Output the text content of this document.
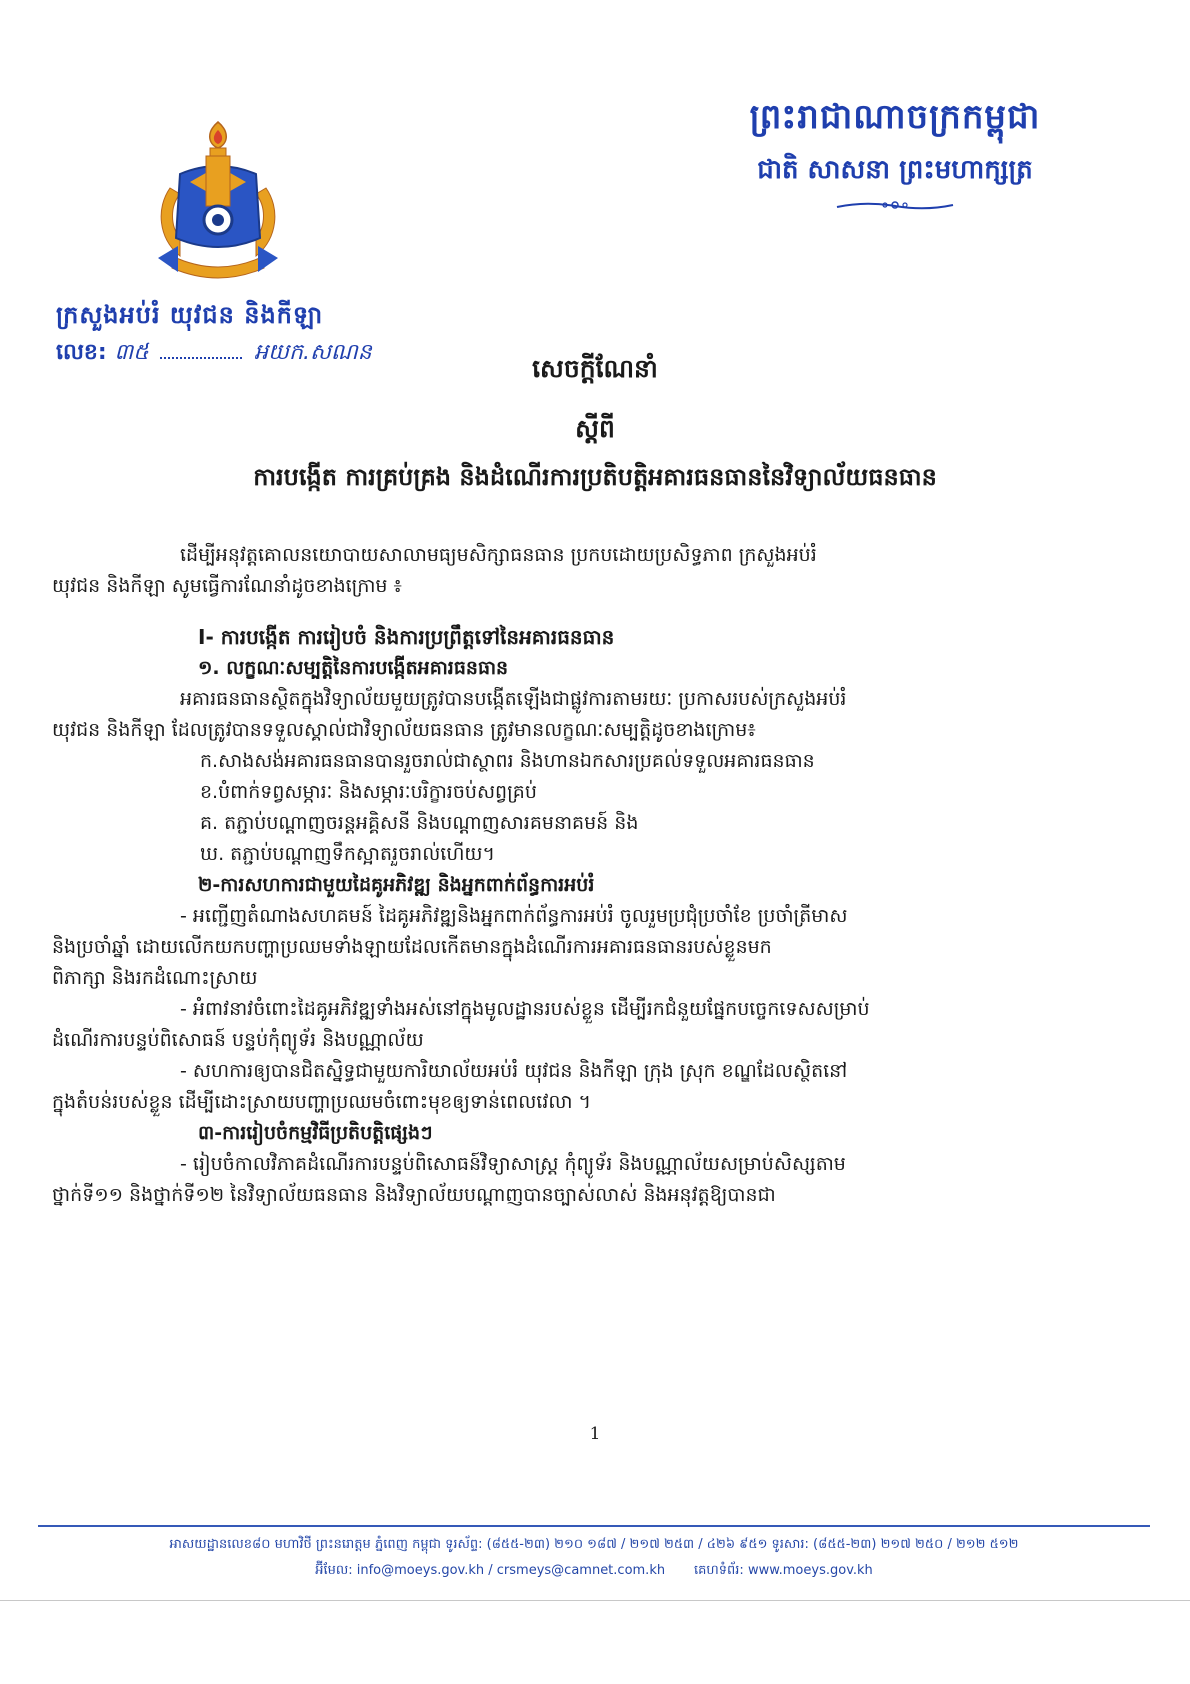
ព្រះរាជាណាចក្រកម្ពុជា
ជាតិ សាសនា ព្រះមហាក្សត្រ
ក្រសួងអប់រំ យុវជន និងកីឡា
លេខ: ៣៥	អយក.សណន
សេចក្តីណែនាំ
ស្តីពី
ការបង្កើត ការគ្រប់គ្រង និងដំណើរការប្រតិបត្តិអគារធនធាននៃវិទ្យាល័យធនធាន

ដើម្បីអនុវត្តគោលនយោបាយសាលាមធ្យមសិក្សាធនធាន ប្រកបដោយប្រសិទ្ធភាព ក្រសួងអប់រំ

យុវជន និងកីឡា សូមធ្វើការណែនាំដូចខាងក្រោម ៖

I- ការបង្កើត ការរៀបចំ និងការប្រព្រឹត្តទៅនៃអគារធនធាន

១. លក្ខណៈសម្បត្តិនៃការបង្កើតអគារធនធាន

អគារធនធានស្ថិតក្នុងវិទ្យាល័យមួយត្រូវបានបង្កើតឡើងជាផ្លូវការតាមរយៈ ប្រកាសរបស់ក្រសួងអប់រំ

យុវជន និងកីឡា ដែលត្រូវបានទទួលស្គាល់ជាវិទ្យាល័យធនធាន ត្រូវមានលក្ខណៈសម្បត្តិដូចខាងក្រោម៖

ក.សាងសង់អគារធនធានបានរួចរាល់ជាស្ថាពរ និងហានឯកសារប្រគល់ទទួលអគារធនធាន

ខ.បំពាក់ទព្វសម្ភារៈ និងសម្ភារៈបរិក្ខារចប់សព្វគ្រប់

គ. តភ្ជាប់បណ្តាញចរន្តអគ្គិសនី និងបណ្តាញសារគមនាគមន៍ និង

ឃ. តភ្ជាប់បណ្តាញទឹកស្អាតរួចរាល់ហើយ។

២-ការសហការជាមួយដៃគូអភិវឌ្ឍ និងអ្នកពាក់ព័ន្ធការអប់រំ

- អញ្ជើញតំណាងសហគមន៍ ដៃគូអភិវឌ្ឍនិងអ្នកពាក់ព័ន្ធការអប់រំ ចូលរួមប្រជុំប្រចាំខែ ប្រចាំត្រីមាស

និងប្រចាំឆ្នាំ ដោយលើកយកបញ្ហាប្រឈមទាំងឡាយដែលកើតមានក្នុងដំណើរការអគារធនធានរបស់ខ្លួនមក

ពិភាក្សា និងរកដំណោះស្រាយ

- អំពាវនាវចំពោះដៃគូអភិវឌ្ឍទាំងអស់នៅក្នុងមូលដ្ឋានរបស់ខ្លួន ដើម្បីរកជំនួយផ្នែកបច្ចេកទេសសម្រាប់

ដំណើរការបន្ទប់ពិសោធន៍ បន្ទប់កុំព្យូទ័រ និងបណ្ណាល័យ

- សហការឲ្យបានជិតស្និទ្ធជាមួយការិយាល័យអប់រំ យុវជន និងកីឡា ក្រុង ស្រុក ខណ្ឌដែលស្ថិតនៅ

ក្នុងតំបន់របស់ខ្លួន ដើម្បីដោះស្រាយបញ្ហាប្រឈមចំពោះមុខឲ្យទាន់ពេលវេលា ។

៣-ការរៀបចំកម្មវិធីប្រតិបត្តិផ្សេងៗ

- រៀបចំកាលវិភាគដំណើរការបន្ទប់ពិសោធន៍វិទ្យាសាស្ត្រ កុំព្យូទ័រ និងបណ្ណាល័យសម្រាប់សិស្សតាម

ថ្នាក់ទី១១ និងថ្នាក់ទី១២ នៃវិទ្យាល័យធនធាន និងវិទ្យាល័យបណ្តាញបានច្បាស់លាស់ និងអនុវត្តឱ្យបានជា

1
អាសយដ្ឋានលេខ៨០ មហាវិថី ព្រះនរោត្តម ភ្នំពេញ កម្ពុជា ទូរស័ព្ទ: (៨៥៥-២៣) ២១០ ១៨៧ / ២១៧ ២៥៣ / ៤២៦ ៩៥១ ទូរសារ: (៨៥៥-២៣) ២១៧ ២៥០ / ២១២ ៥១២
អ៊ីមែល: info@moeys.gov.kh / crsmeys@camnet.com.kh គេហទំព័រ: www.moeys.gov.kh
